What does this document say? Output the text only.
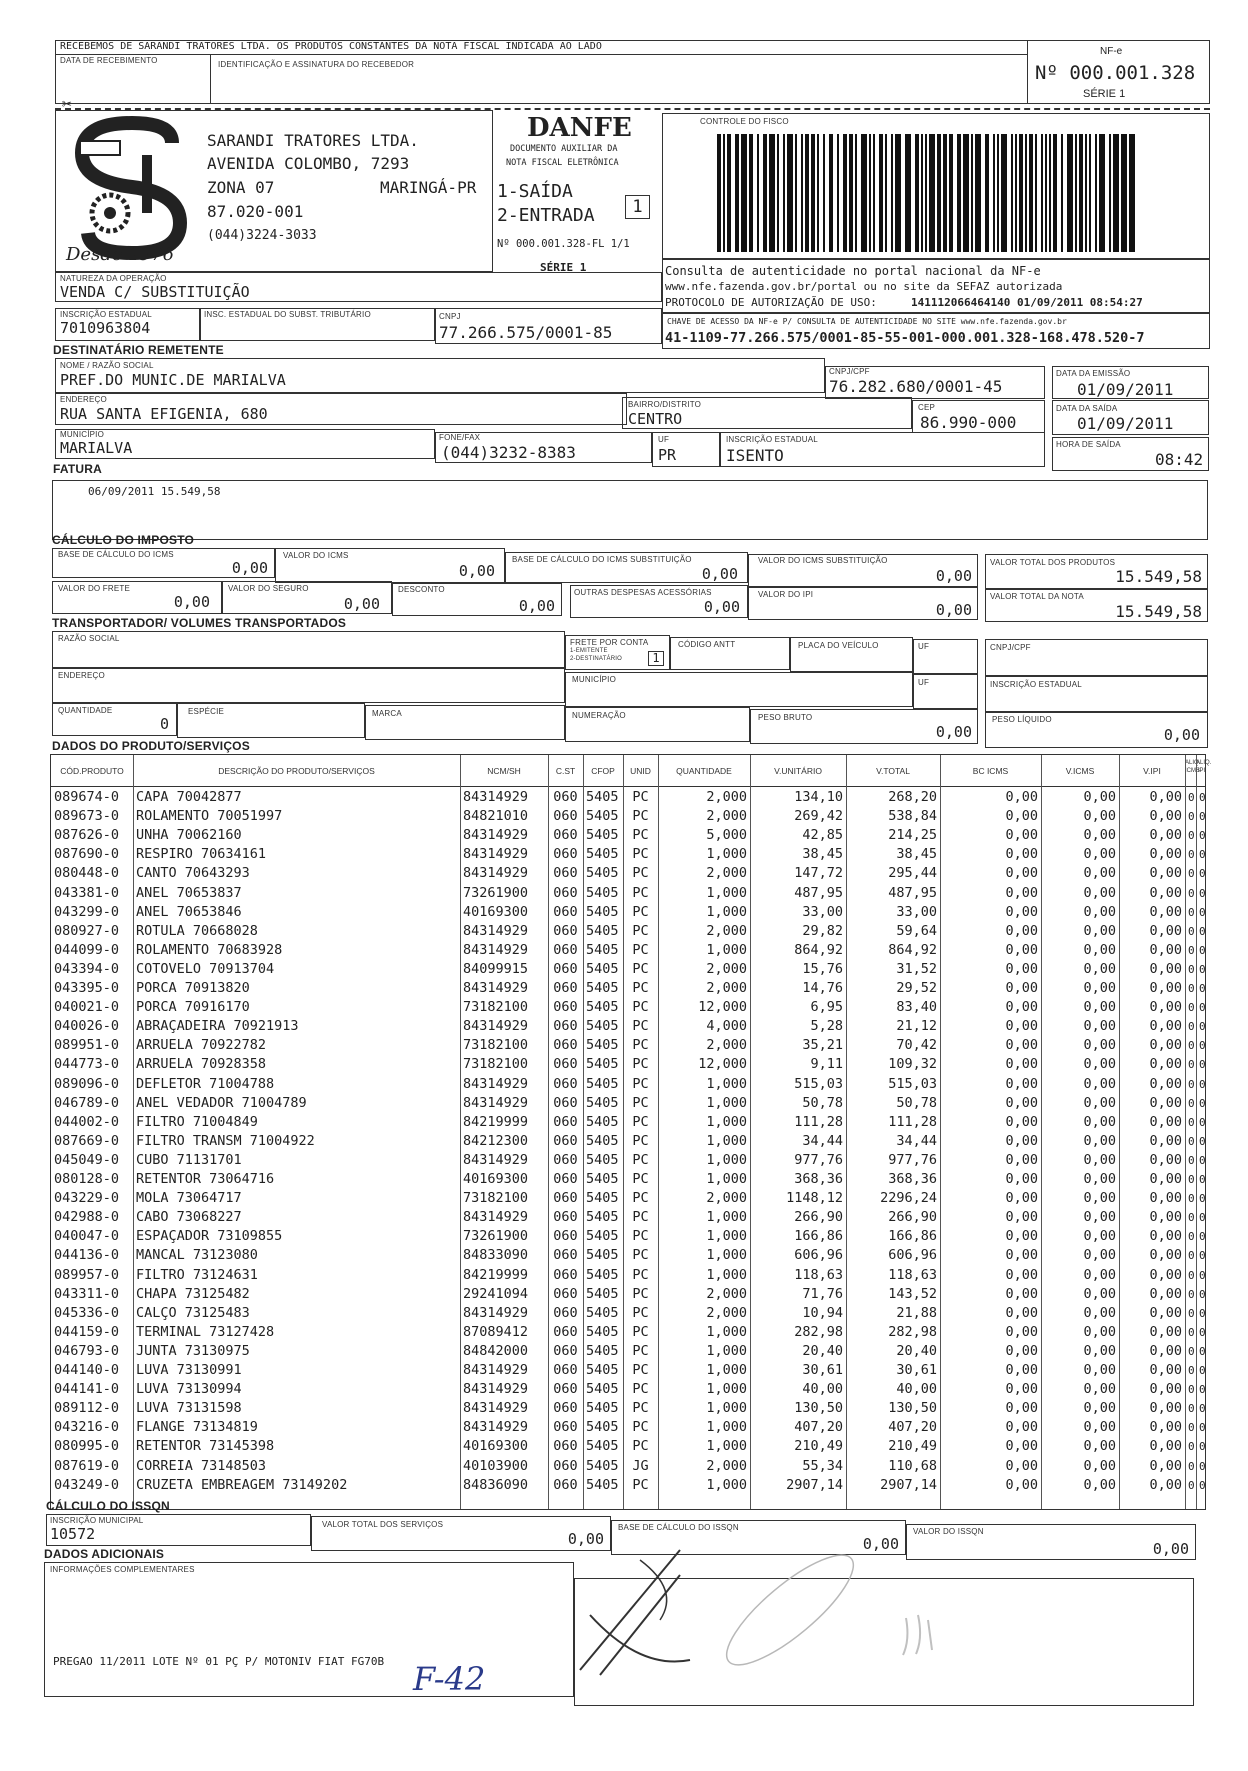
RECEBEMOS DE SARANDI TRATORES LTDA. OS PRODUTOS CONSTANTES DA NOTA FISCAL INDICADA AO LADO
DATA DE RECEBIMENTO	IDENTIFICAÇÃO E ASSINATURA DO RECEBEDOR
NF-e
Nº 000.001.328
SÉRIE 1
✂
Desde 1976
SARANDI TRATORES LTDA.
AVENIDA COLOMBO, 7293
ZONA 07	MARINGÁ-PR
87.020-001
(044)3224-3033
DANFE
DOCUMENTO AUXILIAR DA
NOTA FISCAL ELETRÔNICA
1-SAÍDA
2-ENTRADA	1
Nº 000.001.328-FL 1/1
SÉRIE 1
CONTROLE DO FISCO
Consulta de autenticidade no portal nacional da NF-e
www.nfe.fazenda.gov.br/portal ou no site da SEFAZ autorizada
PROTOCOLO DE AUTORIZAÇÃO DE USO:	141112066464140 01/09/2011 08:54:27
CHAVE DE ACESSO DA NF-e P/ CONSULTA DE AUTENTICIDADE NO SITE www.nfe.fazenda.gov.br
41-1109-77.266.575/0001-85-55-001-000.001.328-168.478.520-7
NATUREZA DA OPERAÇÃO
VENDA C/ SUBSTITUIÇÃO
INSCRIÇÃO ESTADUAL
7010963804
INSC. ESTADUAL DO SUBST. TRIBUTÁRIO	CNPJ
77.266.575/0001-85
DESTINATÁRIO REMETENTE
NOME / RAZÃO SOCIAL
PREF.DO MUNIC.DE MARIALVA	CNPJ/CPF
76.282.680/0001-45
DATA DA EMISSÃO
01/09/2011
ENDEREÇO
RUA SANTA EFIGENIA, 680
BAIRRO/DISTRITO
CENTRO
CEP
86.990-000
DATA DA SAÍDA
01/09/2011
MUNICÍPIO
MARIALVA
FONE/FAX
(044)3232-8383
UF
PR
INSCRIÇÃO ESTADUAL
ISENTO
HORA DE SAÍDA
08:42
FATURA
06/09/2011 15.549,58
CÁLCULO DO IMPOSTO
BASE DE CÁLCULO DO ICMS
0,00
VALOR DO ICMS
0,00
BASE DE CÁLCULO DO ICMS SUBSTITUIÇÃO
0,00
VALOR DO ICMS SUBSTITUIÇÃO
0,00
VALOR TOTAL DOS PRODUTOS
15.549,58
VALOR DO FRETE
0,00
VALOR DO SEGURO
0,00
DESCONTO
0,00
OUTRAS DESPESAS ACESSÓRIAS
0,00
VALOR DO IPI
0,00
VALOR TOTAL DA NOTA
15.549,58
TRANSPORTADOR/ VOLUMES TRANSPORTADOS
RAZÃO SOCIAL	FRETE POR CONTA
1-EMITENTE
2-DESTINATÁRIO	1
CÓDIGO ANTT	PLACA DO VEÍCULO	UF	CNPJ/CPF
ENDEREÇO	MUNICÍPIO	UF	INSCRIÇÃO ESTADUAL
QUANTIDADE
0
ESPÉCIE	MARCA	NUMERAÇÃO	PESO BRUTO
0,00
PESO LÍQUIDO
0,00
DADOS DO PRODUTO/SERVIÇOS
CÓD.PRODUTO	DESCRIÇÃO DO PRODUTO/SERVIÇOS	NCM/SH	C.ST	CFOP	UNID	QUANTIDADE	V.UNITÁRIO	V.TOTAL	BC ICMS	V.ICMS	V.IPI
ALIQ. ICMS
ALIQ. IPI
089674-0	CAPA 70042877	84314929	060 5405	PC	2,000	134,10	268,20	0,00	0,00	0,00 0 0
089673-0	ROLAMENTO 70051997	84821010	060 5405	PC	2,000	269,42	538,84	0,00	0,00	0,00 0 0
087626-0	UNHA 70062160	84314929	060 5405	PC	5,000	42,85	214,25	0,00	0,00	0,00 0 0
087690-0	RESPIRO 70634161	84314929	060 5405	PC	1,000	38,45	38,45	0,00	0,00	0,00 0 0
080448-0	CANTO 70643293	84314929	060 5405	PC	2,000	147,72	295,44	0,00	0,00	0,00 0 0
043381-0	ANEL 70653837	73261900	060 5405	PC	1,000	487,95	487,95	0,00	0,00	0,00 0 0
043299-0	ANEL 70653846	40169300	060 5405	PC	1,000	33,00	33,00	0,00	0,00	0,00 0 0
080927-0	ROTULA 70668028	84314929	060 5405	PC	2,000	29,82	59,64	0,00	0,00	0,00 0 0
044099-0	ROLAMENTO 70683928	84314929	060 5405	PC	1,000	864,92	864,92	0,00	0,00	0,00 0 0
043394-0	COTOVELO 70913704	84099915	060 5405	PC	2,000	15,76	31,52	0,00	0,00	0,00 0 0
043395-0	PORCA 70913820	84314929	060 5405	PC	2,000	14,76	29,52	0,00	0,00	0,00 0 0
040021-0	PORCA 70916170	73182100	060 5405	PC	12,000	6,95	83,40	0,00	0,00	0,00 0 0
040026-0	ABRAÇADEIRA 70921913	84314929	060 5405	PC	4,000	5,28	21,12	0,00	0,00	0,00 0 0
089951-0	ARRUELA 70922782	73182100	060 5405	PC	2,000	35,21	70,42	0,00	0,00	0,00 0 0
044773-0	ARRUELA 70928358	73182100	060 5405	PC	12,000	9,11	109,32	0,00	0,00	0,00 0 0
089096-0	DEFLETOR 71004788	84314929	060 5405	PC	1,000	515,03	515,03	0,00	0,00	0,00 0 0
046789-0	ANEL VEDADOR 71004789	84314929	060 5405	PC	1,000	50,78	50,78	0,00	0,00	0,00 0 0
044002-0	FILTRO 71004849	84219999	060 5405	PC	1,000	111,28	111,28	0,00	0,00	0,00 0 0
087669-0	FILTRO TRANSM 71004922	84212300	060 5405	PC	1,000	34,44	34,44	0,00	0,00	0,00 0 0
045049-0	CUBO 71131701	84314929	060 5405	PC	1,000	977,76	977,76	0,00	0,00	0,00 0 0
080128-0	RETENTOR 73064716	40169300	060 5405	PC	1,000	368,36	368,36	0,00	0,00	0,00 0 0
043229-0	MOLA 73064717	73182100	060 5405	PC	2,000	1148,12	2296,24	0,00	0,00	0,00 0 0
042988-0	CABO 73068227	84314929	060 5405	PC	1,000	266,90	266,90	0,00	0,00	0,00 0 0
040047-0	ESPAÇADOR 73109855	73261900	060 5405	PC	1,000	166,86	166,86	0,00	0,00	0,00 0 0
044136-0	MANCAL 73123080	84833090	060 5405	PC	1,000	606,96	606,96	0,00	0,00	0,00 0 0
089957-0	FILTRO 73124631	84219999	060 5405	PC	1,000	118,63	118,63	0,00	0,00	0,00 0 0
043311-0	CHAPA 73125482	29241094	060 5405	PC	2,000	71,76	143,52	0,00	0,00	0,00 0 0
045336-0	CALÇO 73125483	84314929	060 5405	PC	2,000	10,94	21,88	0,00	0,00	0,00 0 0
044159-0	TERMINAL 73127428	87089412	060 5405	PC	1,000	282,98	282,98	0,00	0,00	0,00 0 0
046793-0	JUNTA 73130975	84842000	060 5405	PC	1,000	20,40	20,40	0,00	0,00	0,00 0 0
044140-0	LUVA 73130991	84314929	060 5405	PC	1,000	30,61	30,61	0,00	0,00	0,00 0 0
044141-0	LUVA 73130994	84314929	060 5405	PC	1,000	40,00	40,00	0,00	0,00	0,00 0 0
089112-0	LUVA 73131598	84314929	060 5405	PC	1,000	130,50	130,50	0,00	0,00	0,00 0 0
043216-0	FLANGE 73134819	84314929	060 5405	PC	1,000	407,20	407,20	0,00	0,00	0,00 0 0
080995-0	RETENTOR 73145398	40169300	060 5405	PC	1,000	210,49	210,49	0,00	0,00	0,00 0 0
087619-0	CORREIA 73148503	40103900	060 5405	JG	2,000	55,34	110,68	0,00	0,00	0,00 0 0
043249-0	CRUZETA EMBREAGEM 73149202	84836090	060 5405	PC	1,000	2907,14	2907,14	0,00	0,00	0,00 0 0
CÁLCULO DO ISSQN
INSCRIÇÃO MUNICIPAL
10572
VALOR TOTAL DOS SERVIÇOS
0,00
BASE DE CÁLCULO DO ISSQN
0,00
VALOR DO ISSQN
0,00
DADOS ADICIONAIS
INFORMAÇÕES COMPLEMENTARES
PREGAO 11/2011 LOTE Nº 01 PÇ P/ MOTONIV FIAT FG70B F-42
